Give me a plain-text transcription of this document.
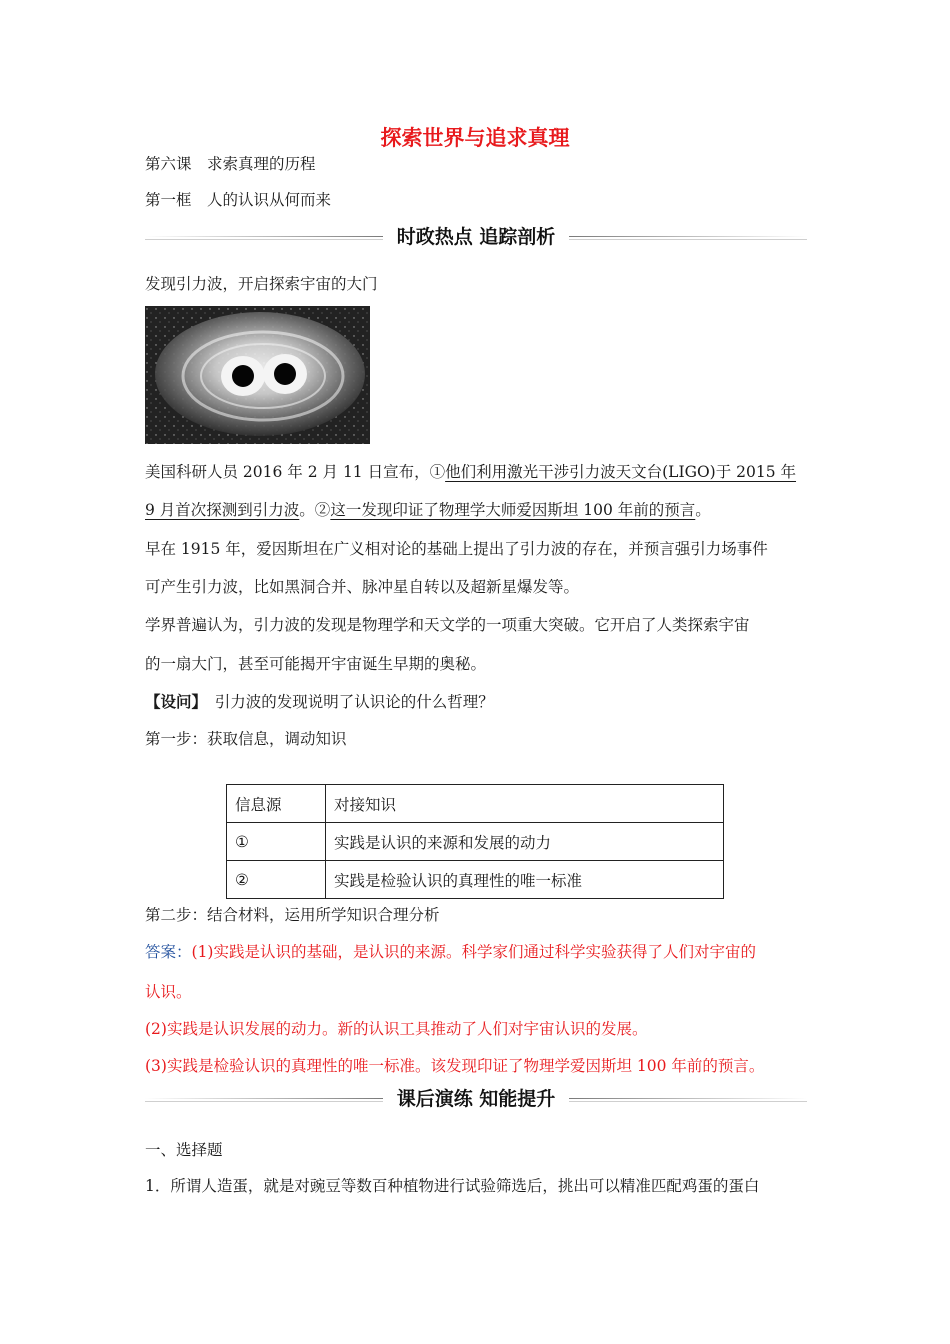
探索世界与追求真理
第六课　求索真理的历程
第一框　人的认识从何而来
时政热点 追踪剖析
发现引力波，开启探索宇宙的大门
美国科研人员 2016 年 2 月 11 日宣布，①他们利用激光干涉引力波天文台(LIGO)于 2015 年
9 月首次探测到引力波。②这一发现印证了物理学大师爱因斯坦 100 年前的预言。
早在 1915 年，爱因斯坦在广义相对论的基础上提出了引力波的存在，并预言强引力场事件
可产生引力波，比如黑洞合并、脉冲星自转以及超新星爆发等。
学界普遍认为，引力波的发现是物理学和天文学的一项重大突破。它开启了人类探索宇宙
的一扇大门，甚至可能揭开宇宙诞生早期的奥秘。
【设问】　引力波的发现说明了认识论的什么哲理？
第一步：获取信息，调动知识
信息源	对接知识
①	实践是认识的来源和发展的动力
②	实践是检验认识的真理性的唯一标准
第二步：结合材料，运用所学知识合理分析
答案：(1)实践是认识的基础，是认识的来源。科学家们通过科学实验获得了人们对宇宙的
认识。
(2)实践是认识发展的动力。新的认识工具推动了人们对宇宙认识的发展。
(3)实践是检验认识的真理性的唯一标准。该发现印证了物理学爱因斯坦 100 年前的预言。
课后演练 知能提升
一、选择题
1．所谓人造蛋，就是对豌豆等数百种植物进行试验筛选后，挑出可以精准匹配鸡蛋的蛋白
